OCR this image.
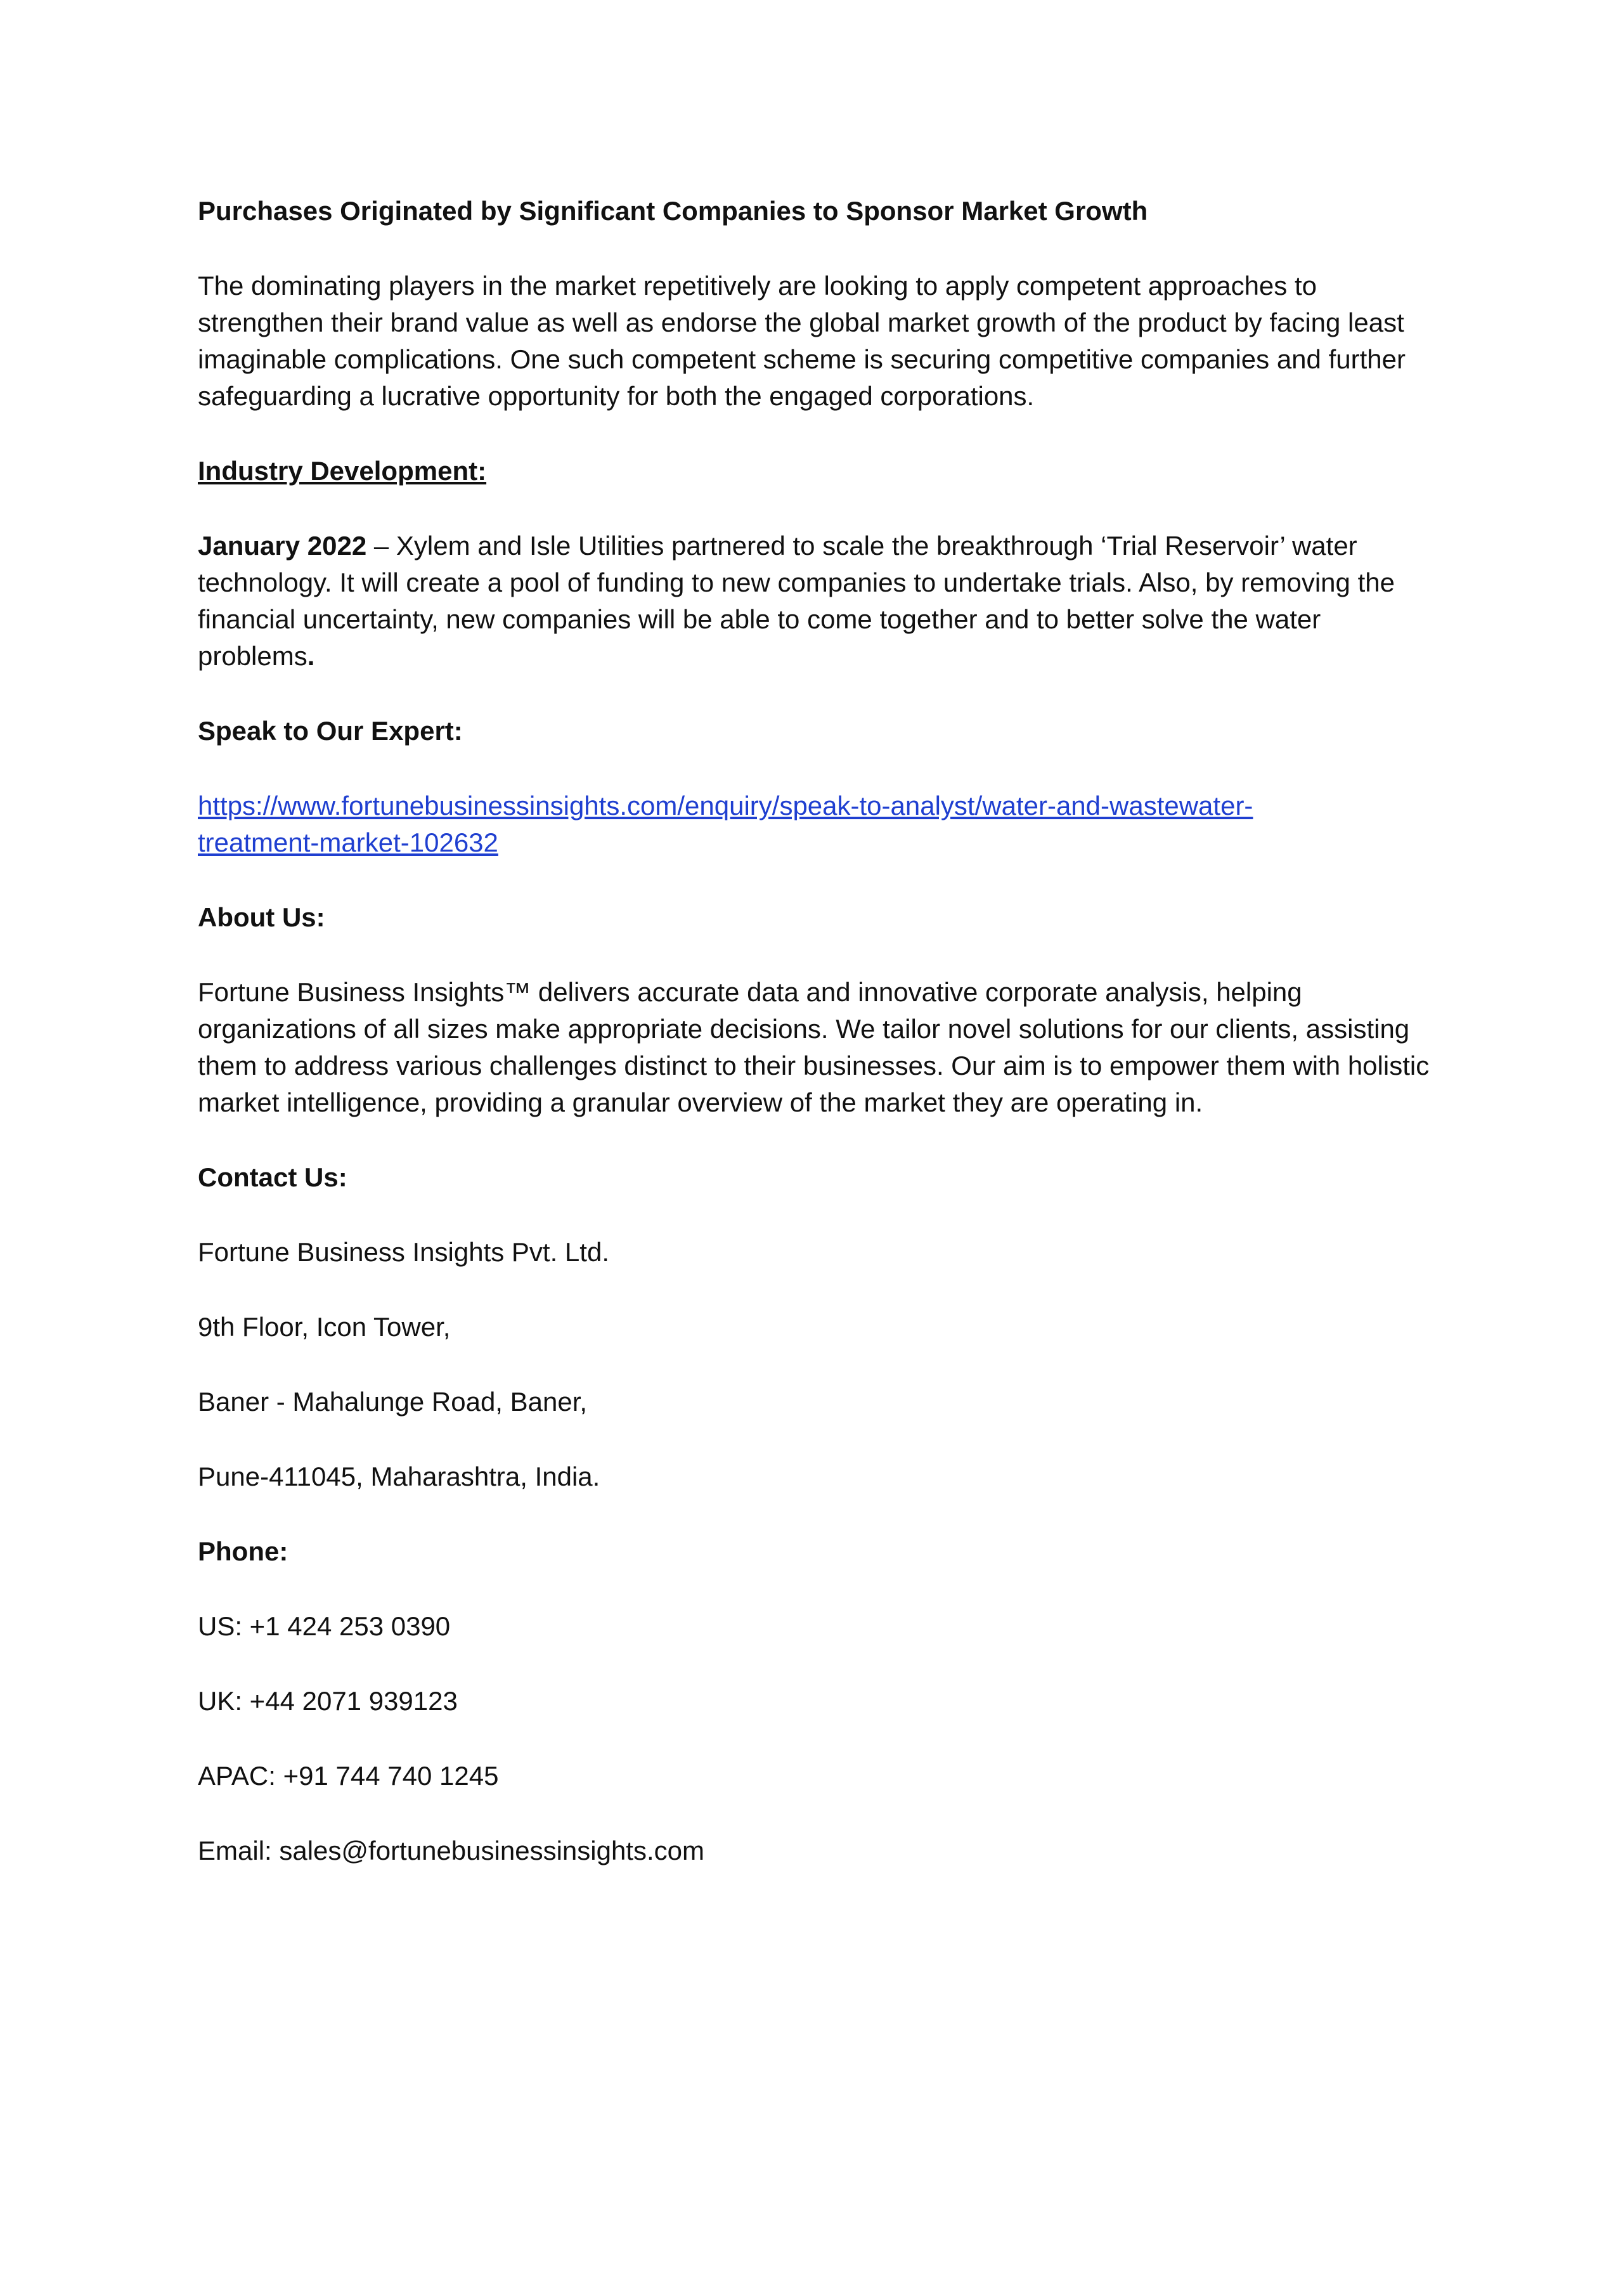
Purchases Originated by Significant Companies to Sponsor Market Growth

The dominating players in the market repetitively are looking to apply competent approaches to strengthen their brand value as well as endorse the global market growth of the product by facing least imaginable complications. One such competent scheme is securing competitive companies and further safeguarding a lucrative opportunity for both the engaged corporations.

Industry Development:

January 2022 – Xylem and Isle Utilities partnered to scale the breakthrough ‘Trial Reservoir’ water technology. It will create a pool of funding to new companies to undertake trials. Also, by removing the financial uncertainty, new companies will be able to come together and to better solve the water problems.

Speak to Our Expert:

https://www.fortunebusinessinsights.com/enquiry/speak-to-analyst/water-and-wastewater-
treatment-market-102632

About Us:

Fortune Business Insights™ delivers accurate data and innovative corporate analysis, helping organizations of all sizes make appropriate decisions. We tailor novel solutions for our clients, assisting them to address various challenges distinct to their businesses. Our aim is to empower them with holistic market intelligence, providing a granular overview of the market they are operating in.

Contact Us:

Fortune Business Insights Pvt. Ltd.

9th Floor, Icon Tower,

Baner - Mahalunge Road, Baner,

Pune-411045, Maharashtra, India.

Phone:

US: +1 424 253 0390

UK: +44 2071 939123

APAC: +91 744 740 1245

Email: sales@fortunebusinessinsights.com
